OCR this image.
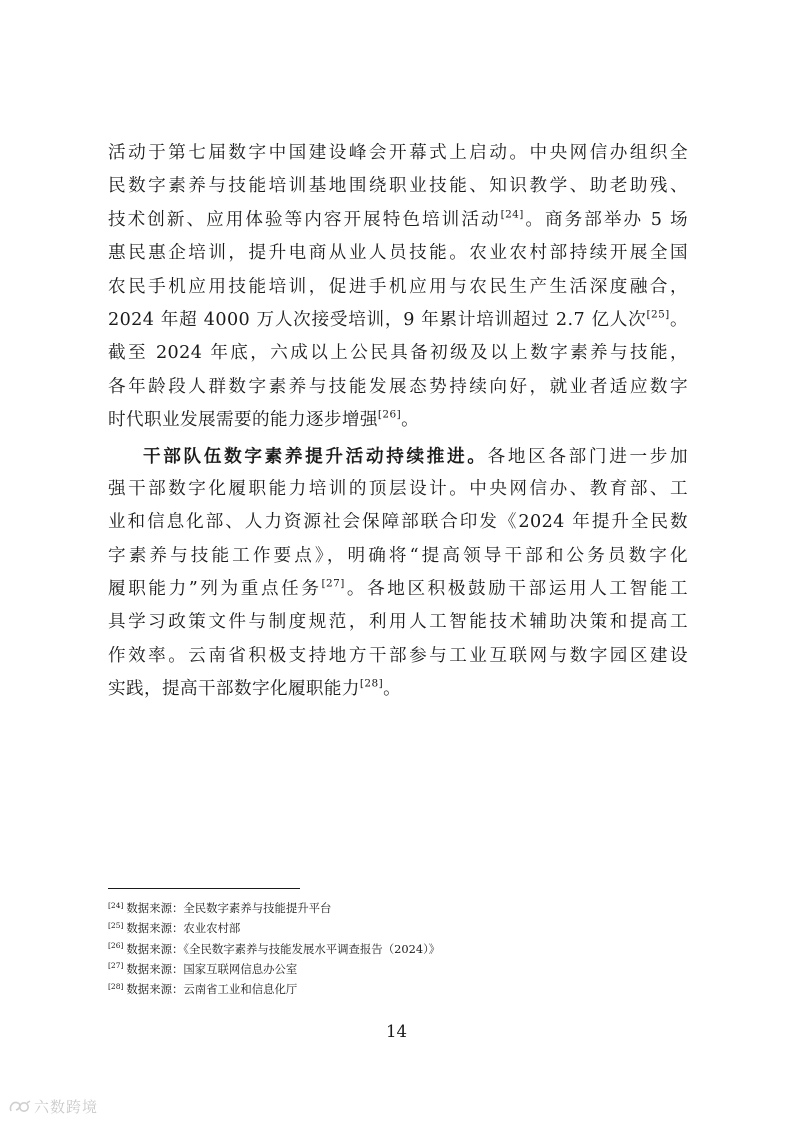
活动于第七届数字中国建设峰会开幕式上启动。中央网信办组织全
民数字素养与技能培训基地围绕职业技能、知识教学、助老助残、
技术创新、应用体验等内容开展特色培训活动[24]。商务部举办 5 场
惠民惠企培训，提升电商从业人员技能。农业农村部持续开展全国
农民手机应用技能培训，促进手机应用与农民生产生活深度融合，
2024 年超 4000 万人次接受培训，9 年累计培训超过 2.7 亿人次[25]。
截至 2024 年底，六成以上公民具备初级及以上数字素养与技能，
各年龄段人群数字素养与技能发展态势持续向好，就业者适应数字
时代职业发展需要的能力逐步增强[26]。
干部队伍数字素养提升活动持续推进。各地区各部门进一步加
强干部数字化履职能力培训的顶层设计。中央网信办、教育部、工
业和信息化部、人力资源社会保障部联合印发《2024 年提升全民数
字素养与技能工作要点》，明确将“提高领导干部和公务员数字化
履职能力”列为重点任务[27]。各地区积极鼓励干部运用人工智能工
具学习政策文件与制度规范，利用人工智能技术辅助决策和提高工
作效率。云南省积极支持地方干部参与工业互联网与数字园区建设
实践，提高干部数字化履职能力[28]。
[24] 数据来源：全民数字素养与技能提升平台
[25] 数据来源：农业农村部
[26] 数据来源：《全民数字素养与技能发展水平调查报告（2024）》
[27] 数据来源：国家互联网信息办公室
[28] 数据来源：云南省工业和信息化厅
14
六数跨境
